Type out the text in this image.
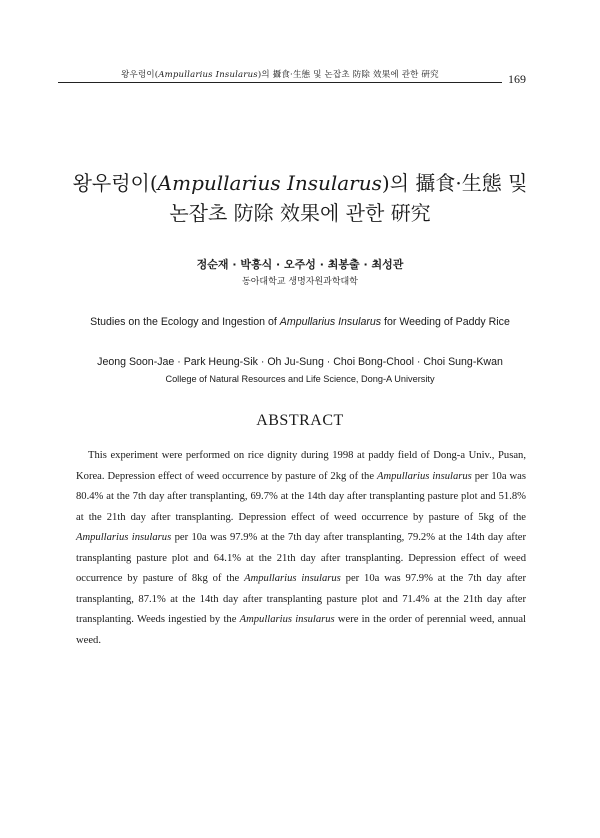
왕우렁이(Ampullarius Insularus)의 攝食·生態 및 논잡초 防除 效果에 관한 硏究	169
왕우렁이(Ampullarius Insularus)의 攝食·生態 및
논잡초 防除 效果에 관한 硏究
정순재 · 박흥식 · 오주성 · 최봉출 · 최성관
동아대학교 생명자원과학대학
Studies on the Ecology and Ingestion of Ampullarius Insularus for Weeding of Paddy Rice
Jeong Soon-Jae · Park Heung-Sik · Oh Ju-Sung · Choi Bong-Chool · Choi Sung-Kwan
College of Natural Resources and Life Science, Dong-A University
ABSTRACT

This experiment were performed on rice dignity during 1998 at paddy field of Dong-a Univ., Pusan, Korea. Depression effect of weed occurrence by pasture of 2kg of the Ampullarius insularus per 10a was 80.4% at the 7th day after transplanting, 69.7% at the 14th day after transplanting pasture plot and 51.8% at the 21th day after transplanting. Depression effect of weed occurrence by pasture of 5kg of the Ampullarius insularus per 10a was 97.9% at the 7th day after transplanting, 79.2% at the 14th day after transplanting pasture plot and 64.1% at the 21th day after transplanting. Depression effect of weed occurrence by pasture of 8kg of the Ampullarius insularus per 10a was 97.9% at the 7th day after transplanting, 87.1% at the 14th day after transplanting pasture plot and 71.4% at the 21th day after transplanting. Weeds ingestied by the Ampullarius insularus were in the order of perennial weed, annual weed.
